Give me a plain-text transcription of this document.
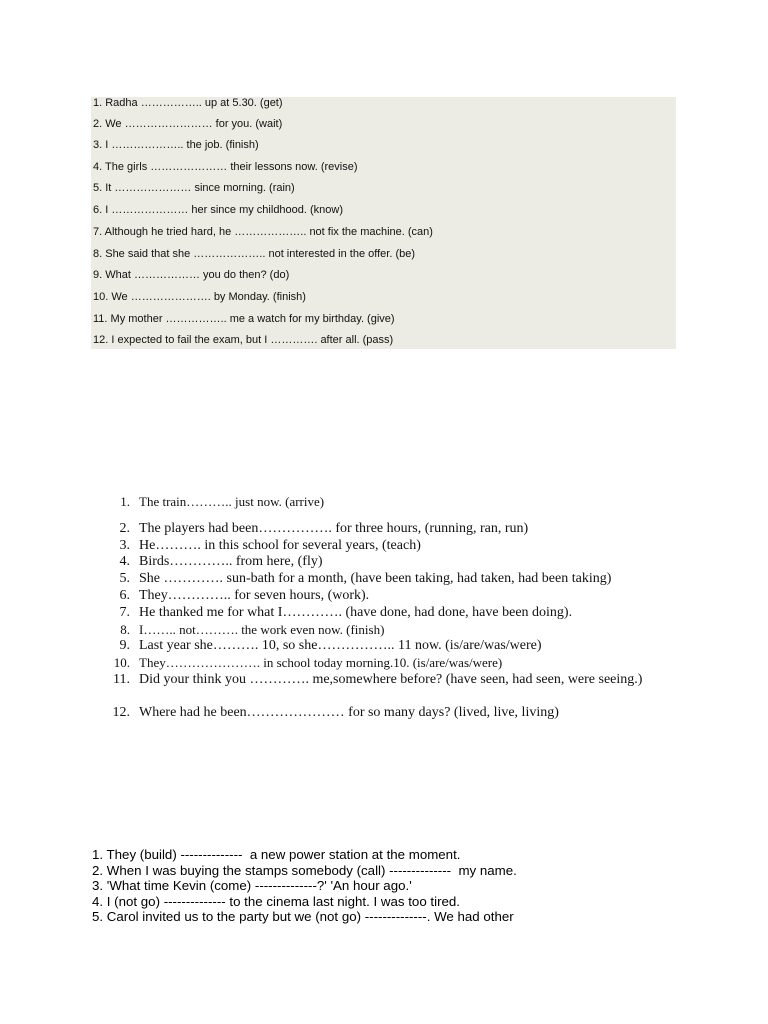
1. Radha …………….. up at 5.30. (get)
2. We …………………… for you. (wait)
3. I ……………….. the job. (finish)
4. The girls ………………… their lessons now. (revise)
5. It ………………… since morning. (rain)
6. I ………………… her since my childhood. (know)
7. Although he tried hard, he ……………….. not fix the machine. (can)
8. She said that she ……………….. not interested in the offer. (be)
9. What ……………… you do then? (do)
10. We …………………. by Monday. (finish)
11. My mother …………….. me a watch for my birthday. (give)
12. I expected to fail the exam, but I …………. after all. (pass)
1. The train……….. just now. (arrive)
2. The players had been……………. for three hours, (running, ran, run)
3. He………. in this school for several years, (teach)
4. Birds………….. from here, (fly)
5. She …………. sun-bath for a month, (have been taking, had taken, had been taking)
6. They………….. for seven hours, (work).
7. He thanked me for what I…………. (have done, had done, have been doing).
8. I…….. not………. the work even now. (finish)
9. Last year she………. 10, so she…………….. 11 now. (is/are/was/were)
10. They…………………. in school today morning.10. (is/are/was/were)
11. Did your think you …………. me,somewhere before? (have seen, had seen, were seeing.)
12. Where had he been………………… for so many days? (lived, live, living)
1. They (build) --------------  a new power station at the moment.
2. When I was buying the stamps somebody (call) --------------  my name.
3. 'What time Kevin (come) --------------?' 'An hour ago.'
4. I (not go) -------------- to the cinema last night. I was too tired.
5. Carol invited us to the party but we (not go) --------------. We had other
